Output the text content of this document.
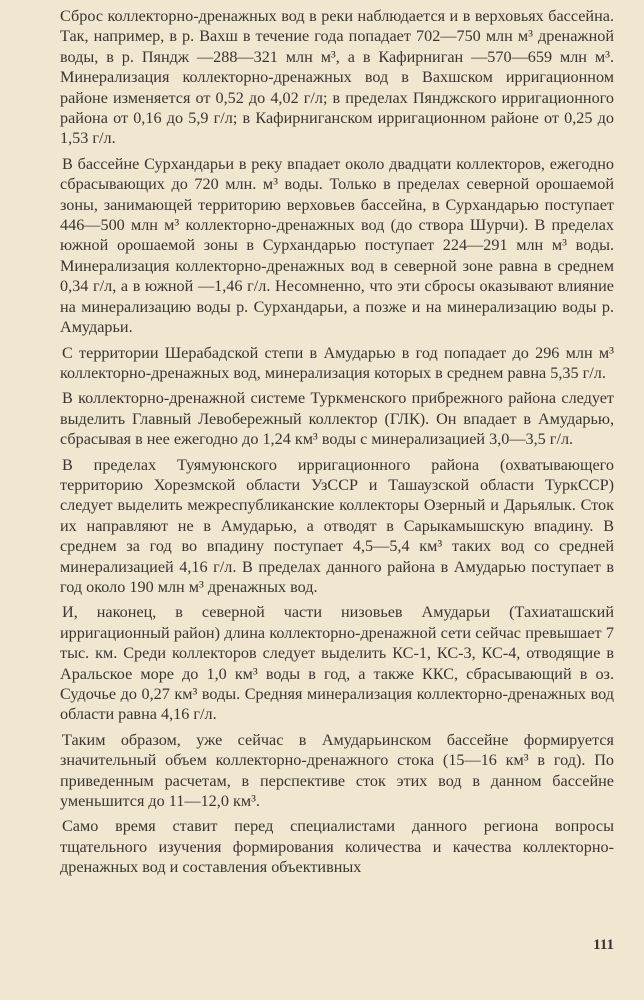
Сброс коллекторно-дренажных вод в реки наблюдается и в верховьях бассейна. Так, например, в р. Вахш в течение года попадает 702—750 млн м³ дренажной воды, в р. Пяндж —288—321 млн м³, а в Кафирниган —570—659 млн м³. Минерализация коллекторно-дренажных вод в Вахшском ирригационном районе изменяется от 0,52 до 4,02 г/л; в пределах Пянджского ирригационного района от 0,16 до 5,9 г/л; в Кафирниганском ирригационном районе от 0,25 до 1,53 г/л.

В бассейне Сурхандарьи в реку впадает около двадцати коллекторов, ежегодно сбрасывающих до 720 млн. м³ воды. Только в пределах северной орошаемой зоны, занимающей территорию верховьев бассейна, в Сурхандарью поступает 446—500 млн м³ коллекторно-дренажных вод (до створа Шурчи). В пределах южной орошаемой зоны в Сурхандарью поступает 224—291 млн м³ воды. Минерализация коллекторно-дренажных вод в северной зоне равна в среднем 0,34 г/л, а в южной —1,46 г/л. Несомненно, что эти сбросы оказывают влияние на минерализацию воды р. Сурхандарьи, а позже и на минерализацию воды р. Амударьи.

С территории Шерабадской степи в Амударью в год попадает до 296 млн м³ коллекторно-дренажных вод, минерализация которых в среднем равна 5,35 г/л.

В коллекторно-дренажной системе Туркменского прибрежного района следует выделить Главный Левобережный коллектор (ГЛК). Он впадает в Амударью, сбрасывая в нее ежегодно до 1,24 км³ воды с минерализацией 3,0—3,5 г/л.

В пределах Туямуюнского ирригационного района (охватывающего территорию Хорезмской области УзССР и Ташаузской области ТуркССР) следует выделить межреспубликанские коллекторы Озерный и Дарьялык. Сток их направляют не в Амударью, а отводят в Сарыкамышскую впадину. В среднем за год во впадину поступает 4,5—5,4 км³ таких вод со средней минерализацией 4,16 г/л. В пределах данного района в Амударью поступает в год около 190 млн м³ дренажных вод.

И, наконец, в северной части низовьев Амударьи (Тахиаташский ирригационный район) длина коллекторно-дренажной сети сейчас превышает 7 тыс. км. Среди коллекторов следует выделить КС-1, КС-3, КС-4, отводящие в Аральское море до 1,0 км³ воды в год, а также ККС, сбрасывающий в оз. Судочье до 0,27 км³ воды. Средняя минерализация коллекторно-дренажных вод области равна 4,16 г/л.

Таким образом, уже сейчас в Амударьинском бассейне формируется значительный объем коллекторно-дренажного стока (15—16 км³ в год). По приведенным расчетам, в перспективе сток этих вод в данном бассейне уменьшится до 11—12,0 км³.

Само время ставит перед специалистами данного региона вопросы тщательного изучения формирования количества и качества коллекторно-дренажных вод и составления объективных

111
